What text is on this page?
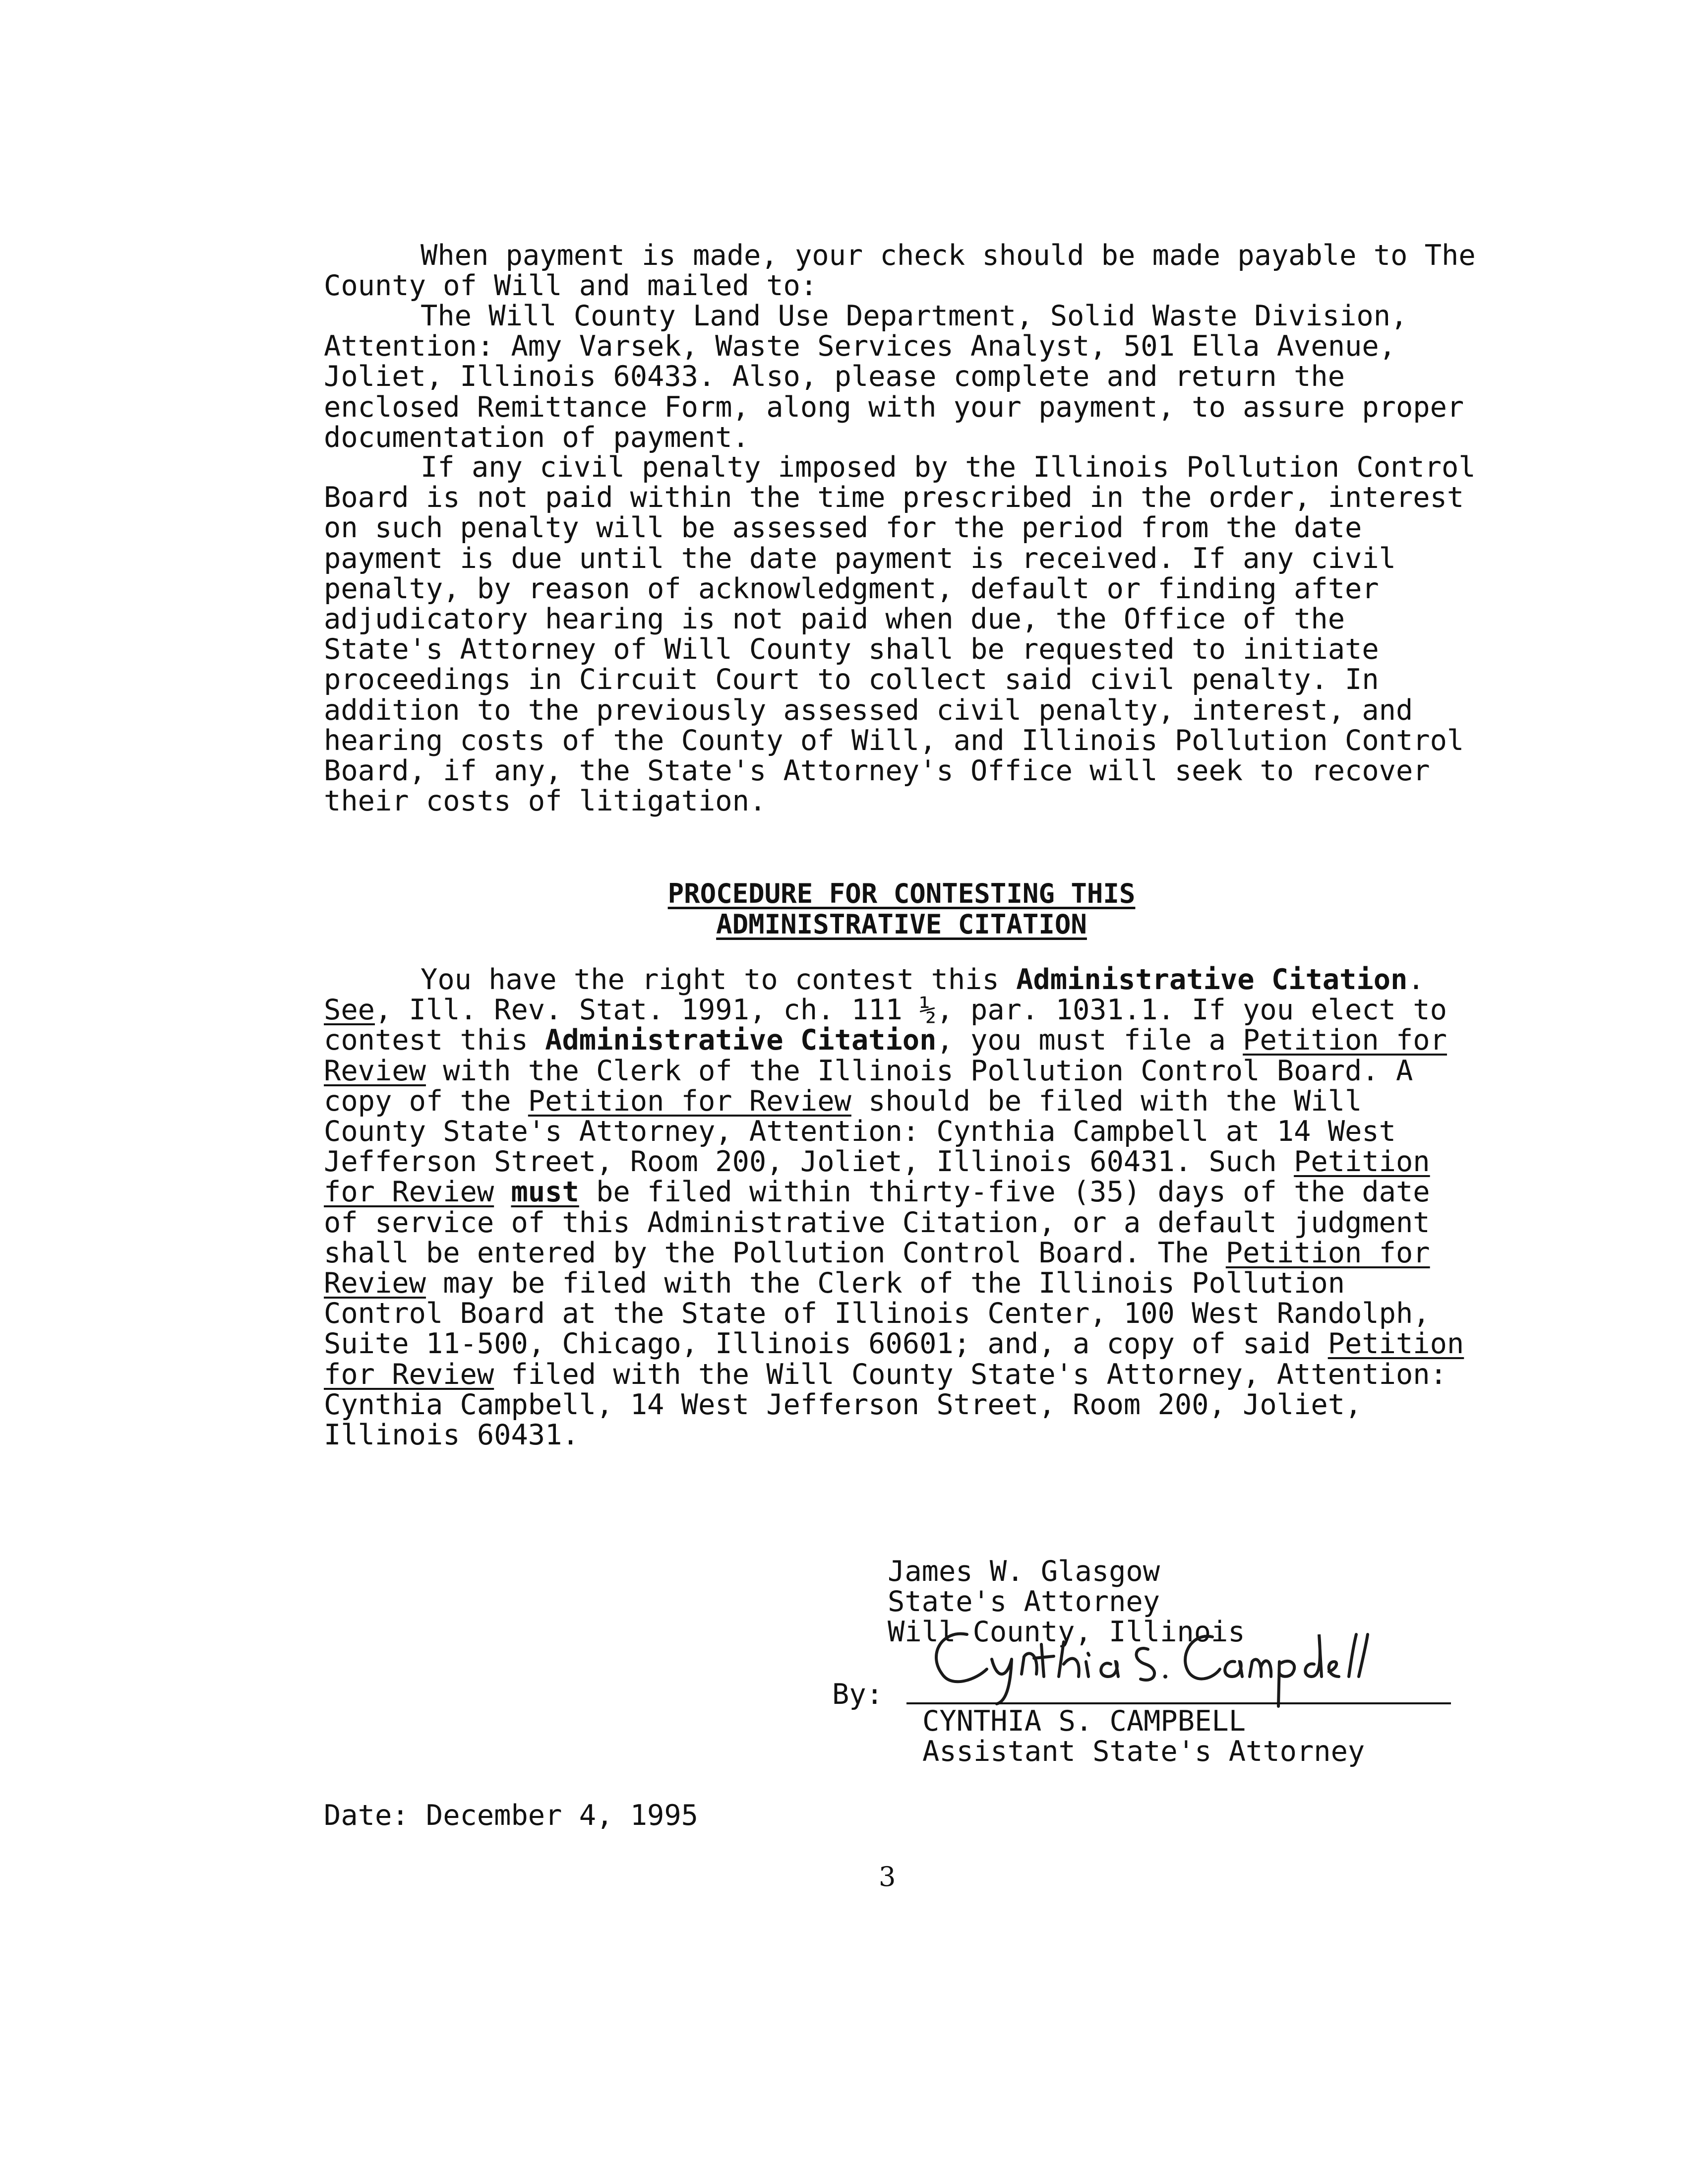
When payment is made, your check should be made payable to The County of Will and mailed to:

The Will County Land Use Department, Solid Waste Division, Attention: Amy Varsek, Waste Services Analyst, 501 Ella Avenue, Joliet, Illinois 60433. Also, please complete and return the enclosed Remittance Form, along with your payment, to assure proper documentation of payment.

If any civil penalty imposed by the Illinois Pollution Control Board is not paid within the time prescribed in the order, interest on such penalty will be assessed for the period from the date payment is due until the date payment is received. If any civil penalty, by reason of acknowledgment, default or finding after adjudicatory hearing is not paid when due, the Office of the State's Attorney of Will County shall be requested to initiate proceedings in Circuit Court to collect said civil penalty. In addition to the previously assessed civil penalty, interest, and hearing costs of the County of Will, and Illinois Pollution Control Board, if any, the State's Attorney's Office will seek to recover their costs of litigation.

PROCEDURE FOR CONTESTING THIS
ADMINISTRATIVE CITATION

You have the right to contest this Administrative Citation. See, Ill. Rev. Stat. 1991, ch. 111 ½, par. 1031.1. If you elect to contest this Administrative Citation, you must file a Petition for Review with the Clerk of the Illinois Pollution Control Board. A copy of the Petition for Review should be filed with the Will County State's Attorney, Attention: Cynthia Campbell at 14 West Jefferson Street, Room 200, Joliet, Illinois 60431. Such Petition for Review must be filed within thirty-five (35) days of the date of service of this Administrative Citation, or a default judgment shall be entered by the Pollution Control Board. The Petition for Review may be filed with the Clerk of the Illinois Pollution Control Board at the State of Illinois Center, 100 West Randolph, Suite 11-500, Chicago, Illinois 60601; and, a copy of said Petition for Review filed with the Will County State's Attorney, Attention: Cynthia Campbell, 14 West Jefferson Street, Room 200, Joliet, Illinois 60431.

James W. Glasgow
State's Attorney
Will County, Illinois
By:
CYNTHIA S. CAMPBELL
Assistant State's Attorney
Date: December 4, 1995
3
